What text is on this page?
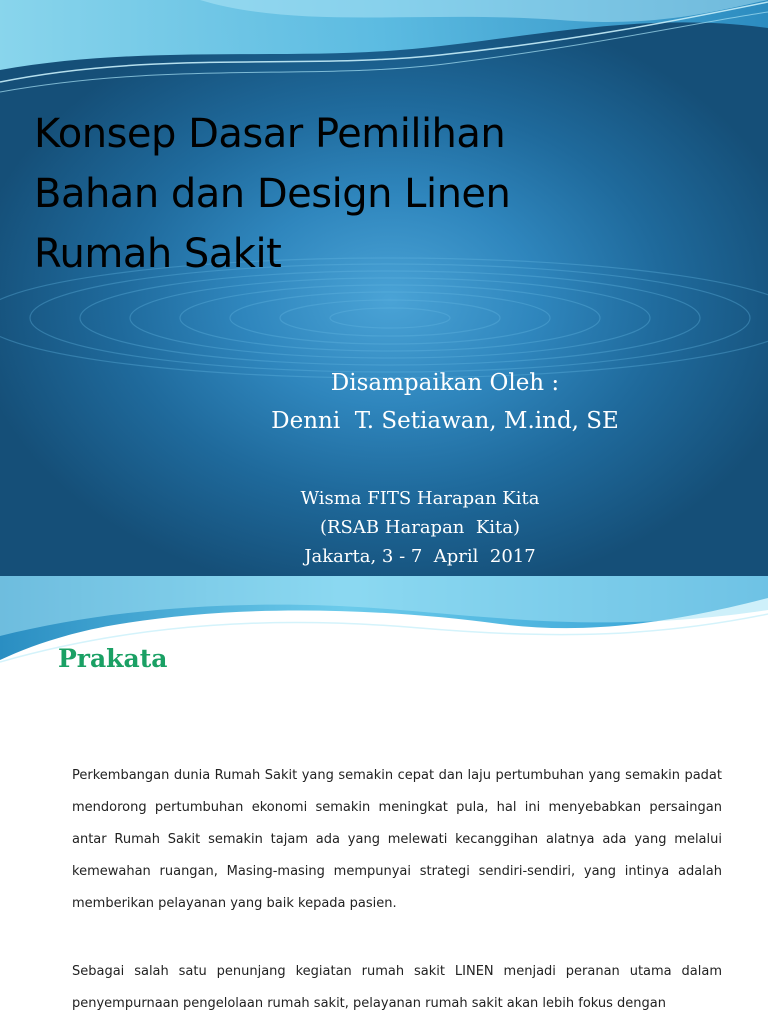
Konsep Dasar Pemilihan
Bahan dan Design Linen
Rumah Sakit
Disampaikan Oleh :
Denni  T. Setiawan, M.ind, SE
Wisma FITS Harapan Kita
(RSAB Harapan  Kita)
Jakarta, 3 - 7  April  2017
Prakata

Perkembangan dunia Rumah Sakit yang semakin cepat dan laju pertumbuhan yang semakin padat mendorong pertumbuhan ekonomi semakin meningkat pula, hal ini menyebabkan persaingan antar Rumah Sakit semakin tajam ada yang melewati kecanggihan alatnya ada yang melalui kemewahan ruangan, Masing-masing mempunyai strategi sendiri-sendiri, yang intinya adalah memberikan pelayanan yang baik kepada pasien.

Sebagai salah satu penunjang kegiatan rumah sakit LINEN menjadi peranan utama dalam penyempurnaan pengelolaan rumah sakit, pelayanan rumah sakit akan lebih fokus dengan
